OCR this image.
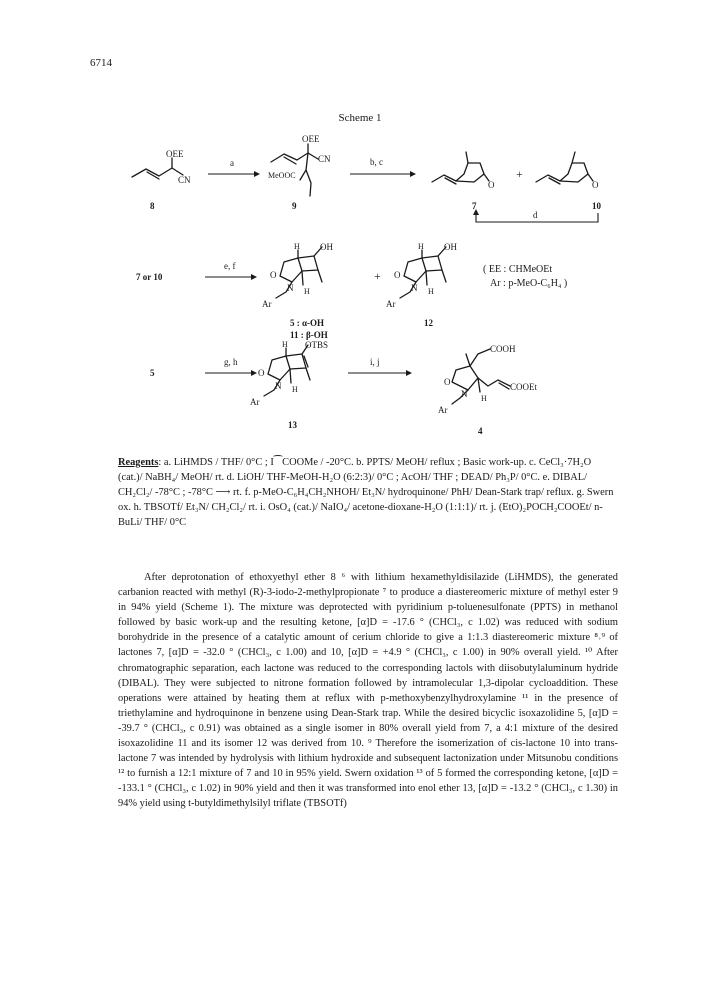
6714
Scheme 1
OEE
CN
8
a
OEE
CN
MeOOC
9
b, c
O
7
+
O
10
d
7 or 10
e, f
OH
H
O
N H
Ar
5 : α-OH
11 : β-OH
+
OH
H
O
N H
Ar
12
( EE : CHMeOEt
Ar : p-MeO-C₆H₄ )
5
g, h
OTBS
H
O
N H
Ar
13
i, j
COOH
COOEt
O
N H
Ar
4
Reagents: a. LiHMDS / THF/ 0°C ; I⁀COOMe / -20°C. b. PPTS/ MeOH/ reflux ; Basic work-up. c. CeCl₃·7H₂O (cat.)/ NaBH₄/ MeOH/ rt. d. LiOH/ THF-MeOH-H₂O (6:2:3)/ 0°C ; AcOH/ THF ; DEAD/ Ph₃P/ 0°C. e. DIBAL/ CH₂Cl₂/ -78°C ; -78°C ⟶ rt. f. p-MeO-C₆H₄CH₂NHOH/ Et₃N/ hydroquinone/ PhH/ Dean-Stark trap/ reflux. g. Swern ox. h. TBSOTf/ Et₃N/ CH₂Cl₂/ rt. i. OsO₄ (cat.)/ NaIO₄/ acetone-dioxane-H₂O (1:1:1)/ rt. j. (EtO)₂POCH₂COOEt/ n-BuLi/ THF/ 0°C

After deprotonation of ethoxyethyl ether 8 ⁶ with lithium hexamethyldisilazide (LiHMDS), the generated carbanion reacted with methyl (R)-3-iodo-2-methylpropionate ⁷ to produce a diastereomeric mixture of methyl ester 9 in 94% yield (Scheme 1). The mixture was deprotected with pyridinium p-toluenesulfonate (PPTS) in methanol followed by basic work-up and the resulting ketone, [α]D = -17.6 ° (CHCl₃, c 1.02) was reduced with sodium borohydride in the presence of a catalytic amount of cerium chloride to give a 1:1.3 diastereomeric mixture ⁸˒⁹ of lactones 7, [α]D = -32.0 ° (CHCl₃, c 1.00) and 10, [α]D = +4.9 ° (CHCl₃, c 1.00) in 90% overall yield. ¹⁰ After chromatographic separation, each lactone was reduced to the corresponding lactols with diisobutylaluminum hydride (DIBAL). They were subjected to nitrone formation followed by intramolecular 1,3-dipolar cycloaddition. These operations were attained by heating them at reflux with p-methoxybenzylhydroxylamine ¹¹ in the presence of triethylamine and hydroquinone in benzene using Dean-Stark trap. While the desired bicyclic isoxazolidine 5, [α]D = -39.7 ° (CHCl₃, c 0.91) was obtained as a single isomer in 80% overall yield from 7, a 4:1 mixture of the desired isoxazolidine 11 and its isomer 12 was derived from 10. ⁹ Therefore the isomerization of cis-lactone 10 into trans-lactone 7 was intended by hydrolysis with lithium hydroxide and subsequent lactonization under Mitsunobu conditions ¹² to furnish a 12:1 mixture of 7 and 10 in 95% yield. Swern oxidation ¹³ of 5 formed the corresponding ketone, [α]D = -133.1 ° (CHCl₃, c 1.02) in 90% yield and then it was transformed into enol ether 13, [α]D = -13.2 ° (CHCl₃, c 1.30) in 94% yield using t-butyldimethylsilyl triflate (TBSOTf)
